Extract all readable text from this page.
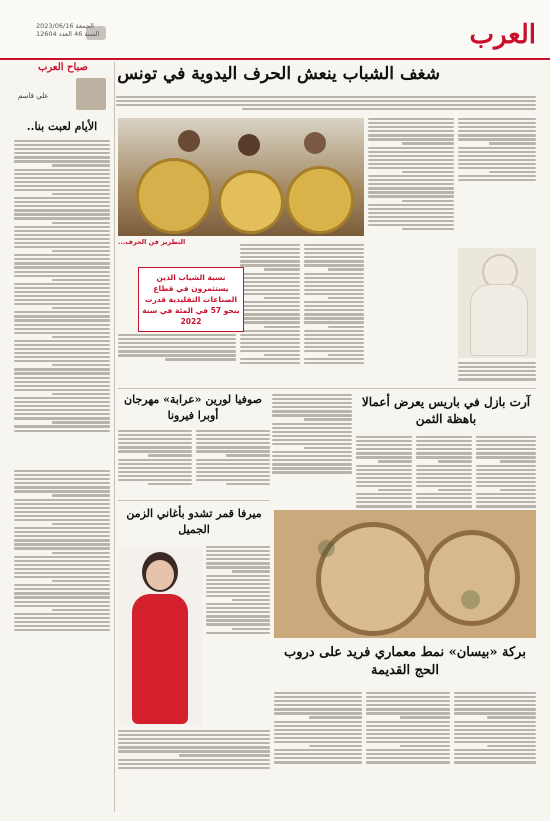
العرب
الجمعة 2023/06/16
السنة 46 العدد 12604
صباح العرب
علي قاسم
الأيام لعبت بنا..
شغف الشباب ينعش الحرف اليدوية في تونس
التطريز فن الحرف...
نسبة الشباب الذين يستثمرون في قطاع الصناعات التقليدية قدرت بنحو 57 في المئة في سنة 2022
آرت بازل في باريس يعرض أعمالا باهظة الثمن
صوفيا لورين «عرابة» مهرجان أوبرا فيرونا
ميرفا قمر تشدو بأغاني الزمن الجميل
بركة «بيسان» نمط معماري فريد على دروب الحج القديمة
